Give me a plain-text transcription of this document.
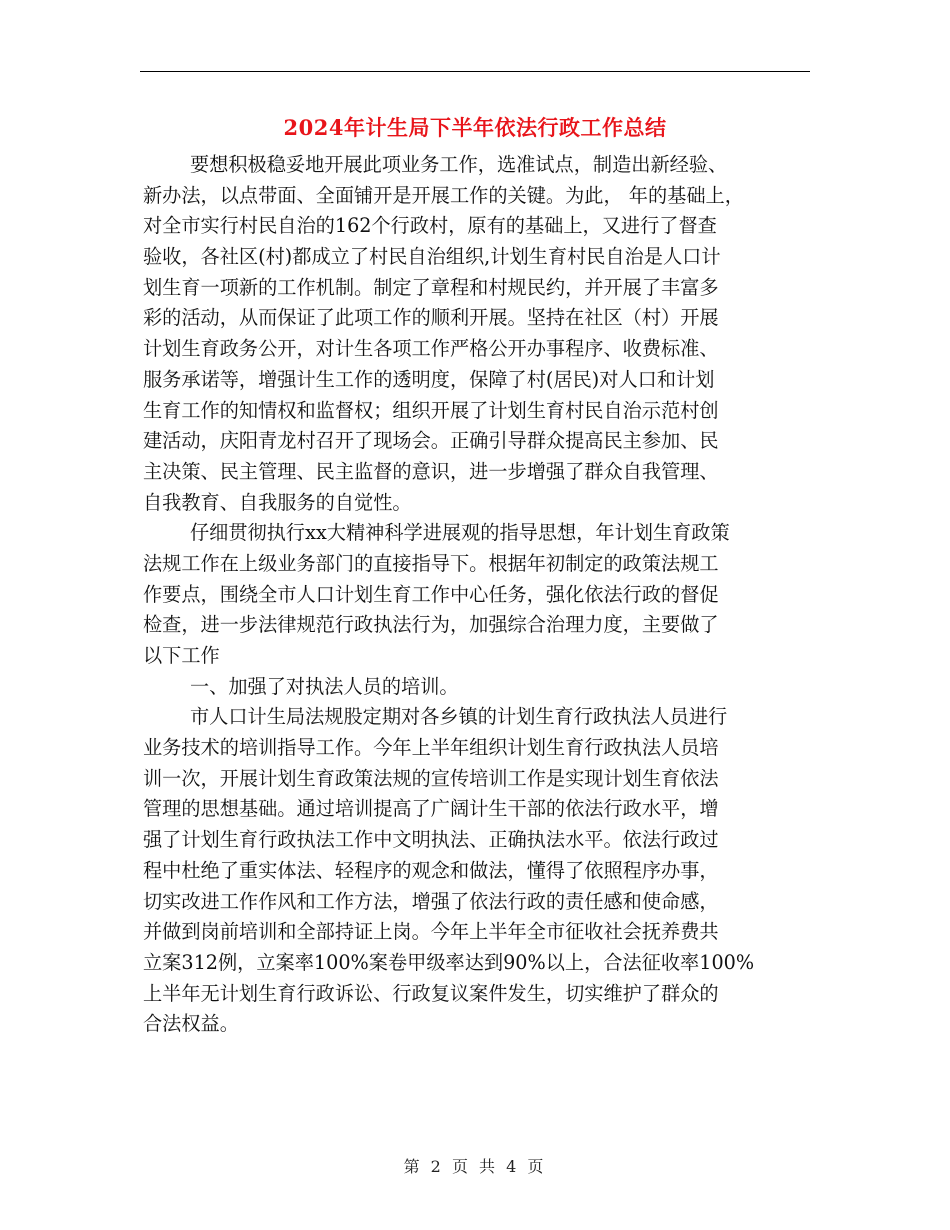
2024年计生局下半年依法行政工作总结
要想积极稳妥地开展此项业务工作，选准试点，制造出新经验、
新办法，以点带面、全面铺开是开展工作的关键。为此， 年的基础上，
对全市实行村民自治的162个行政村，原有的基础上，又进行了督查
验收，各社区(村)都成立了村民自治组织,计划生育村民自治是人口计
划生育一项新的工作机制。制定了章程和村规民约，并开展了丰富多
彩的活动，从而保证了此项工作的顺利开展。坚持在社区（村）开展
计划生育政务公开，对计生各项工作严格公开办事程序、收费标准、
服务承诺等，增强计生工作的透明度，保障了村(居民)对人口和计划
生育工作的知情权和监督权；组织开展了计划生育村民自治示范村创
建活动，庆阳青龙村召开了现场会。正确引导群众提高民主参加、民
主决策、民主管理、民主监督的意识，进一步增强了群众自我管理、
自我教育、自我服务的自觉性。
仔细贯彻执行xx大精神科学进展观的指导思想，年计划生育政策
法规工作在上级业务部门的直接指导下。根据年初制定的政策法规工
作要点，围绕全市人口计划生育工作中心任务，强化依法行政的督促
检查，进一步法律规范行政执法行为，加强综合治理力度，主要做了
以下工作
一、加强了对执法人员的培训。
市人口计生局法规股定期对各乡镇的计划生育行政执法人员进行
业务技术的培训指导工作。今年上半年组织计划生育行政执法人员培
训一次，开展计划生育政策法规的宣传培训工作是实现计划生育依法
管理的思想基础。通过培训提高了广阔计生干部的依法行政水平，增
强了计划生育行政执法工作中文明执法、正确执法水平。依法行政过
程中杜绝了重实体法、轻程序的观念和做法，懂得了依照程序办事，
切实改进工作作风和工作方法，增强了依法行政的责任感和使命感，
并做到岗前培训和全部持证上岗。今年上半年全市征收社会抚养费共
立案312例，立案率100%案卷甲级率达到90%以上，合法征收率100%
上半年无计划生育行政诉讼、行政复议案件发生，切实维护了群众的
合法权益。
第 2 页 共 4 页
